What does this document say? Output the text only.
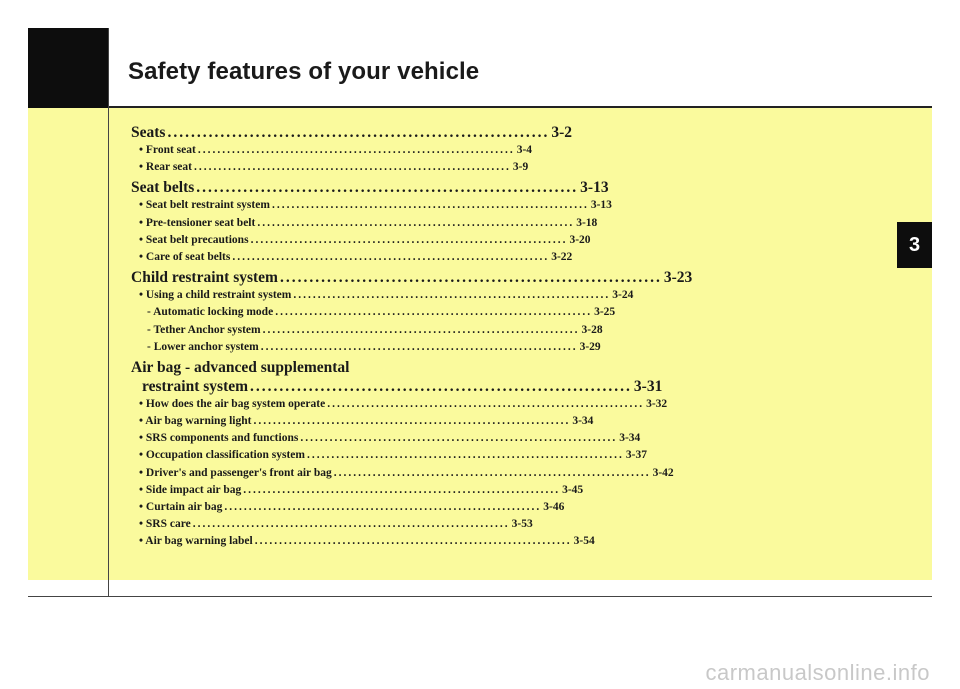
Safety features of your vehicle
3
Seats ................................................................. 3-2
• Front seat ................................................................. 3-4
• Rear seat ................................................................. 3-9
Seat belts ................................................................. 3-13
• Seat belt restraint system ................................................................. 3-13
• Pre-tensioner seat belt ................................................................. 3-18
• Seat belt precautions ................................................................. 3-20
• Care of seat belts ................................................................. 3-22
Child restraint system ................................................................. 3-23
• Using a child restraint system ................................................................. 3-24
- Automatic locking mode ................................................................. 3-25
- Tether Anchor system ................................................................. 3-28
- Lower anchor system ................................................................. 3-29
Air bag - advanced supplemental
restraint system ................................................................. 3-31
• How does the air bag system operate ................................................................. 3-32
• Air bag warning light ................................................................. 3-34
• SRS components and functions ................................................................. 3-34
• Occupation classification system ................................................................. 3-37
• Driver's and passenger's front air bag ................................................................. 3-42
• Side impact air bag ................................................................. 3-45
• Curtain air bag ................................................................. 3-46
• SRS care ................................................................. 3-53
• Air bag warning label ................................................................. 3-54
carmanualsonline.info
